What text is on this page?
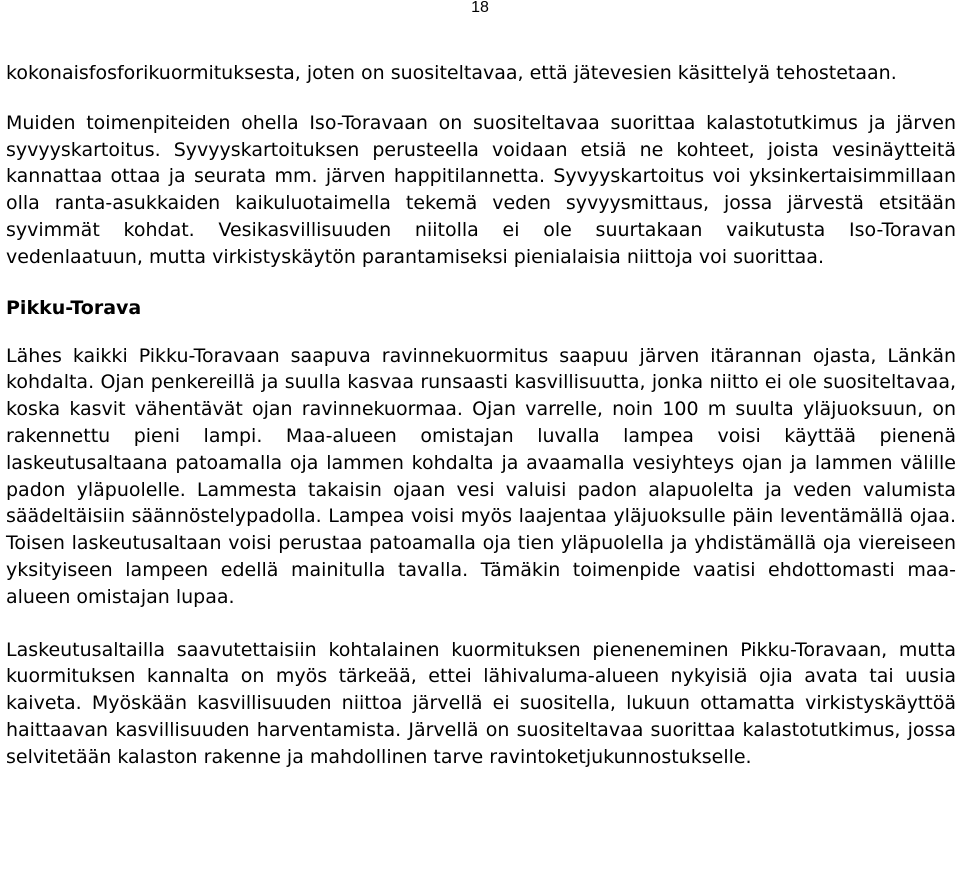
18

kokonaisfosforikuormituksesta, joten on suositeltavaa, että jätevesien käsittelyä tehostetaan.

Muiden toimenpiteiden ohella Iso-Toravaan on suositeltavaa suorittaa kalastotutkimus ja järven syvyyskartoitus. Syvyyskartoituksen perusteella voidaan etsiä ne kohteet, joista vesinäytteitä kannattaa ottaa ja seurata mm. järven happitilannetta. Syvyyskartoitus voi yksinkertaisimmillaan olla ranta-asukkaiden kaikuluotaimella tekemä veden syvyysmittaus, jossa järvestä etsitään syvimmät kohdat. Vesikasvillisuuden niitolla ei ole suurtakaan vaikutusta Iso-Toravan vedenlaatuun, mutta virkistyskäytön parantamiseksi pienialaisia niittoja voi suorittaa.

Pikku-Torava

Lähes kaikki Pikku-Toravaan saapuva ravinnekuormitus saapuu järven itärannan ojasta, Länkän kohdalta. Ojan penkereillä ja suulla kasvaa runsaasti kasvillisuutta, jonka niitto ei ole suositeltavaa, koska kasvit vähentävät ojan ravinnekuormaa. Ojan varrelle, noin 100 m suulta yläjuoksuun, on rakennettu pieni lampi. Maa-alueen omistajan luvalla lampea voisi käyttää pienenä laskeutusaltaana patoamalla oja lammen kohdalta ja avaamalla vesiyhteys ojan ja lammen välille padon yläpuolelle. Lammesta takaisin ojaan vesi valuisi padon alapuolelta ja veden valumista säädeltäisiin säännöstelypadolla. Lampea voisi myös laajentaa yläjuoksulle päin leventämällä ojaa. Toisen laskeutusaltaan voisi perustaa patoamalla oja tien yläpuolella ja yhdistämällä oja viereiseen yksityiseen lampeen edellä mainitulla tavalla. Tämäkin toimenpide vaatisi ehdottomasti maa-alueen omistajan lupaa.

Laskeutusaltailla saavutettaisiin kohtalainen kuormituksen pieneneminen Pikku-Toravaan, mutta kuormituksen kannalta on myös tärkeää, ettei lähivaluma-alueen nykyisiä ojia avata tai uusia kaiveta. Myöskään kasvillisuuden niittoa järvellä ei suositella, lukuun ottamatta virkistyskäyttöä haittaavan kasvillisuuden harventamista. Järvellä on suositeltavaa suorittaa kalastotutkimus, jossa selvitetään kalaston rakenne ja mahdollinen tarve ravintoketjukunnostukselle.
